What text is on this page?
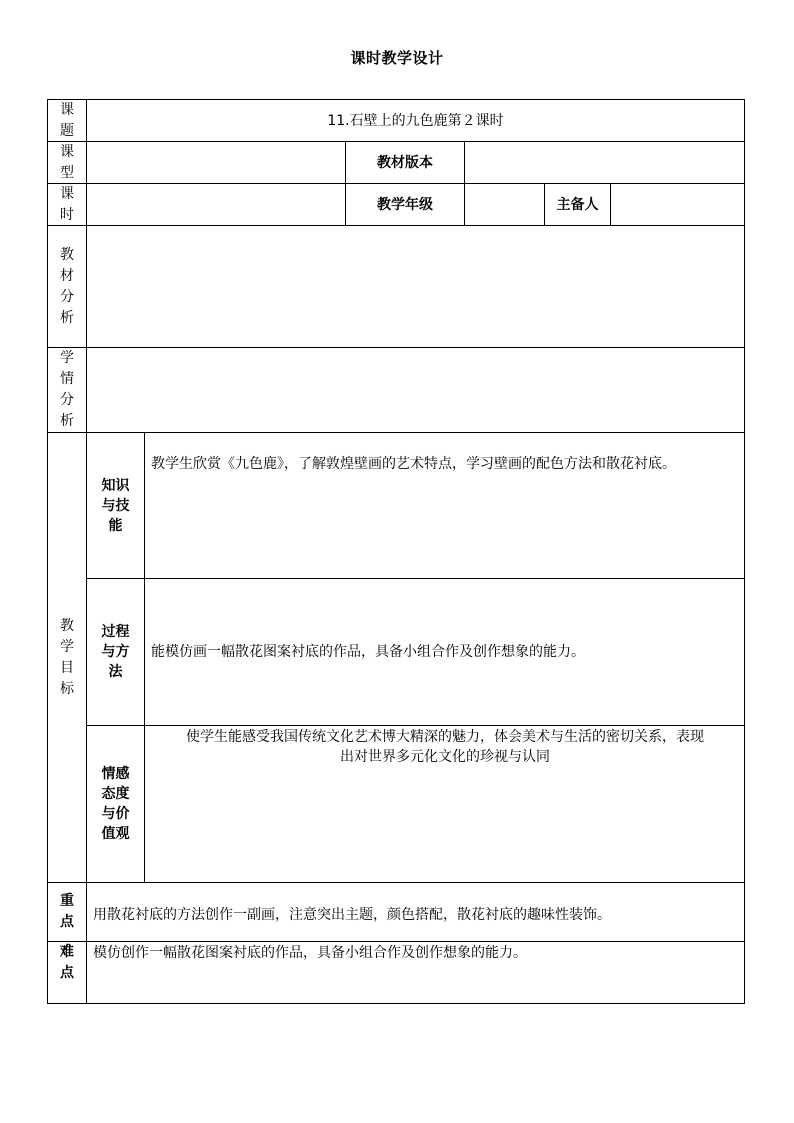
课时教学设计
课
题
11.石壁上的九色鹿第２课时
课
型
教材版本
课
时
教学年级	主备人
教
材
分
析
学
情
分
析
教
学
目
标
知识
与技
能
教学生欣赏《九色鹿》，了解敦煌壁画的艺术特点，学习壁画的配色方法和散花衬底。
过程
与方
法
能模仿画一幅散花图案衬底的作品，具备小组合作及创作想象的能力。
情感
态度
与价
值观
使学生能感受我国传统文化艺术博大精深的魅力，体会美术与生活的密切关系，表现
出对世界多元化文化的珍视与认同
重
点 用散花衬底的方法创作一副画，注意突出主题，颜色搭配，散花衬底的趣味性装饰。
难
点
模仿创作一幅散花图案衬底的作品，具备小组合作及创作想象的能力。
